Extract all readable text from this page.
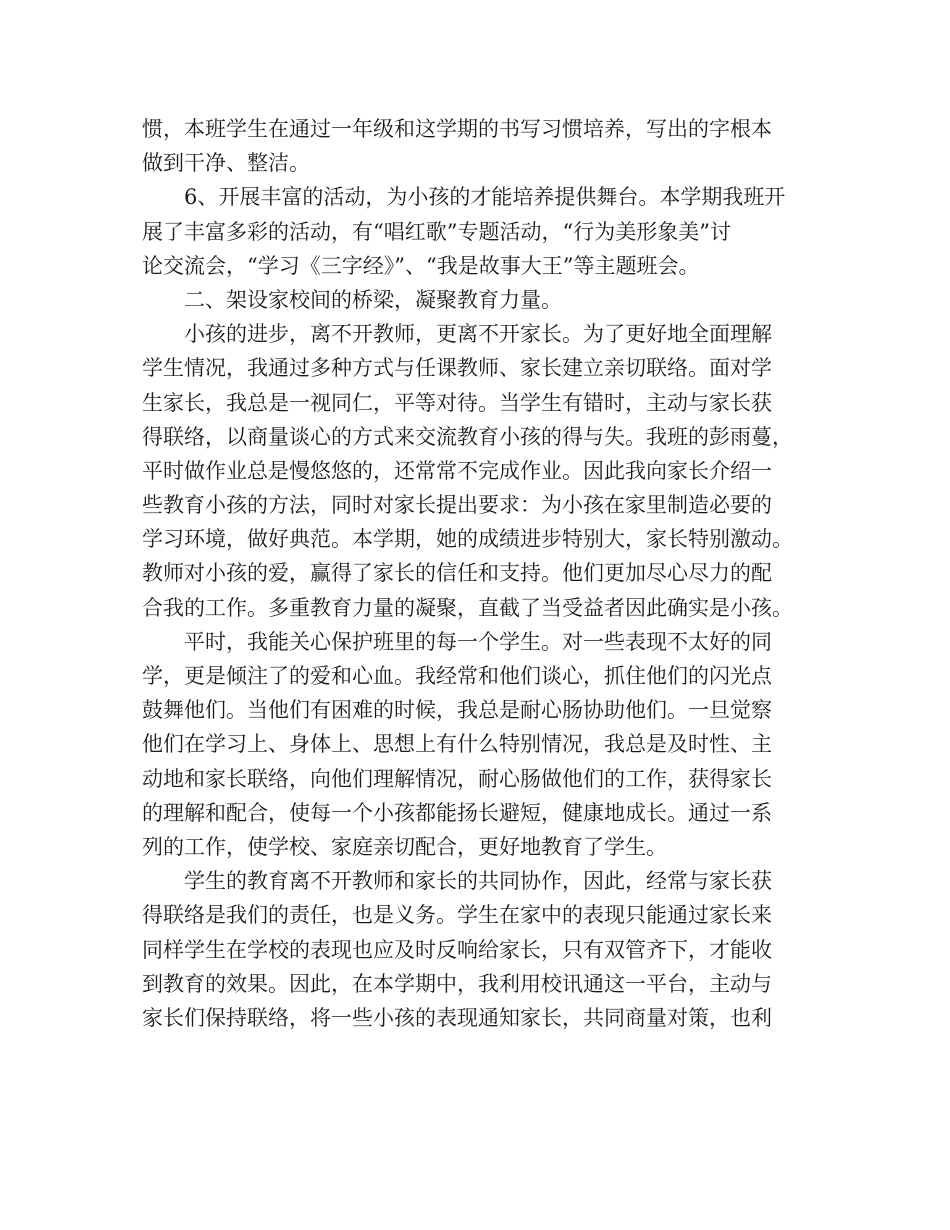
惯，本班学生在通过一年级和这学期的书写习惯培养，写出的字根本
做到干净、整洁。
6、开展丰富的活动，为小孩的才能培养提供舞台。本学期我班开
展了丰富多彩的活动，有“唱红歌”专题活动，“行为美形象美”讨
论交流会，“学习《三字经》”、“我是故事大王”等主题班会。
二、架设家校间的桥梁，凝聚教育力量。
小孩的进步，离不开教师，更离不开家长。为了更好地全面理解
学生情况，我通过多种方式与任课教师、家长建立亲切联络。面对学
生家长，我总是一视同仁，平等对待。当学生有错时，主动与家长获
得联络，以商量谈心的方式来交流教育小孩的得与失。我班的彭雨蔓，
平时做作业总是慢悠悠的，还常常不完成作业。因此我向家长介绍一
些教育小孩的方法，同时对家长提出要求：为小孩在家里制造必要的
学习环境，做好典范。本学期，她的成绩进步特别大，家长特别激动。
教师对小孩的爱，赢得了家长的信任和支持。他们更加尽心尽力的配
合我的工作。多重教育力量的凝聚，直截了当受益者因此确实是小孩。
平时，我能关心保护班里的每一个学生。对一些表现不太好的同
学，更是倾注了的爱和心血。我经常和他们谈心，抓住他们的闪光点
鼓舞他们。当他们有困难的时候，我总是耐心肠协助他们。一旦觉察
他们在学习上、身体上、思想上有什么特别情况，我总是及时性、主
动地和家长联络，向他们理解情况，耐心肠做他们的工作，获得家长
的理解和配合，使每一个小孩都能扬长避短，健康地成长。通过一系
列的工作，使学校、家庭亲切配合，更好地教育了学生。
学生的教育离不开教师和家长的共同协作，因此，经常与家长获
得联络是我们的责任，也是义务。学生在家中的表现只能通过家长来
同样学生在学校的表现也应及时反响给家长，只有双管齐下，才能收
到教育的效果。因此，在本学期中，我利用校讯通这一平台，主动与
家长们保持联络，将一些小孩的表现通知家长，共同商量对策，也利
